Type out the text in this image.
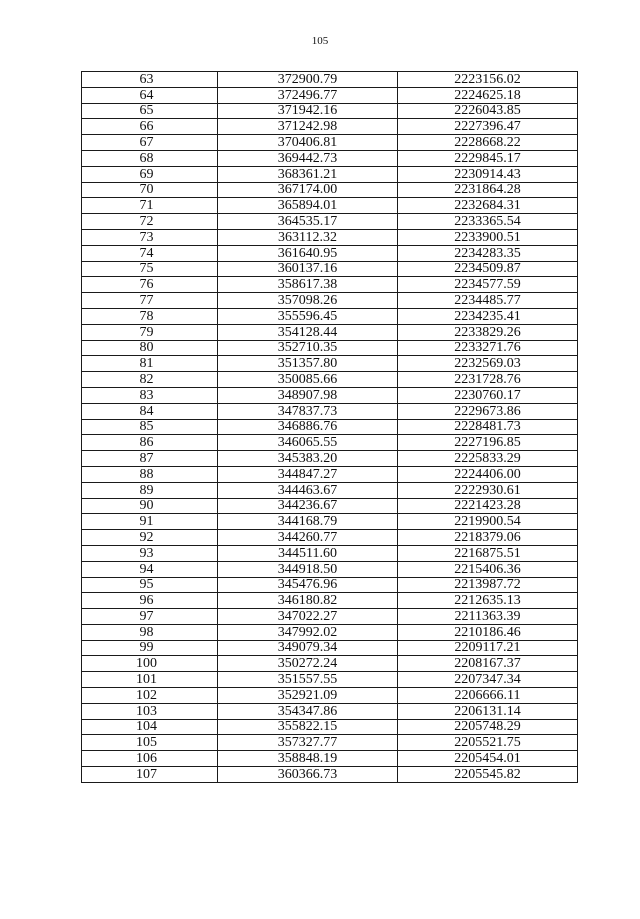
105
63	372900.79	2223156.02
64	372496.77	2224625.18
65	371942.16	2226043.85
66	371242.98	2227396.47
67	370406.81	2228668.22
68	369442.73	2229845.17
69	368361.21	2230914.43
70	367174.00	2231864.28
71	365894.01	2232684.31
72	364535.17	2233365.54
73	363112.32	2233900.51
74	361640.95	2234283.35
75	360137.16	2234509.87
76	358617.38	2234577.59
77	357098.26	2234485.77
78	355596.45	2234235.41
79	354128.44	2233829.26
80	352710.35	2233271.76
81	351357.80	2232569.03
82	350085.66	2231728.76
83	348907.98	2230760.17
84	347837.73	2229673.86
85	346886.76	2228481.73
86	346065.55	2227196.85
87	345383.20	2225833.29
88	344847.27	2224406.00
89	344463.67	2222930.61
90	344236.67	2221423.28
91	344168.79	2219900.54
92	344260.77	2218379.06
93	344511.60	2216875.51
94	344918.50	2215406.36
95	345476.96	2213987.72
96	346180.82	2212635.13
97	347022.27	2211363.39
98	347992.02	2210186.46
99	349079.34	2209117.21
100	350272.24	2208167.37
101	351557.55	2207347.34
102	352921.09	2206666.11
103	354347.86	2206131.14
104	355822.15	2205748.29
105	357327.77	2205521.75
106	358848.19	2205454.01
107	360366.73	2205545.82
